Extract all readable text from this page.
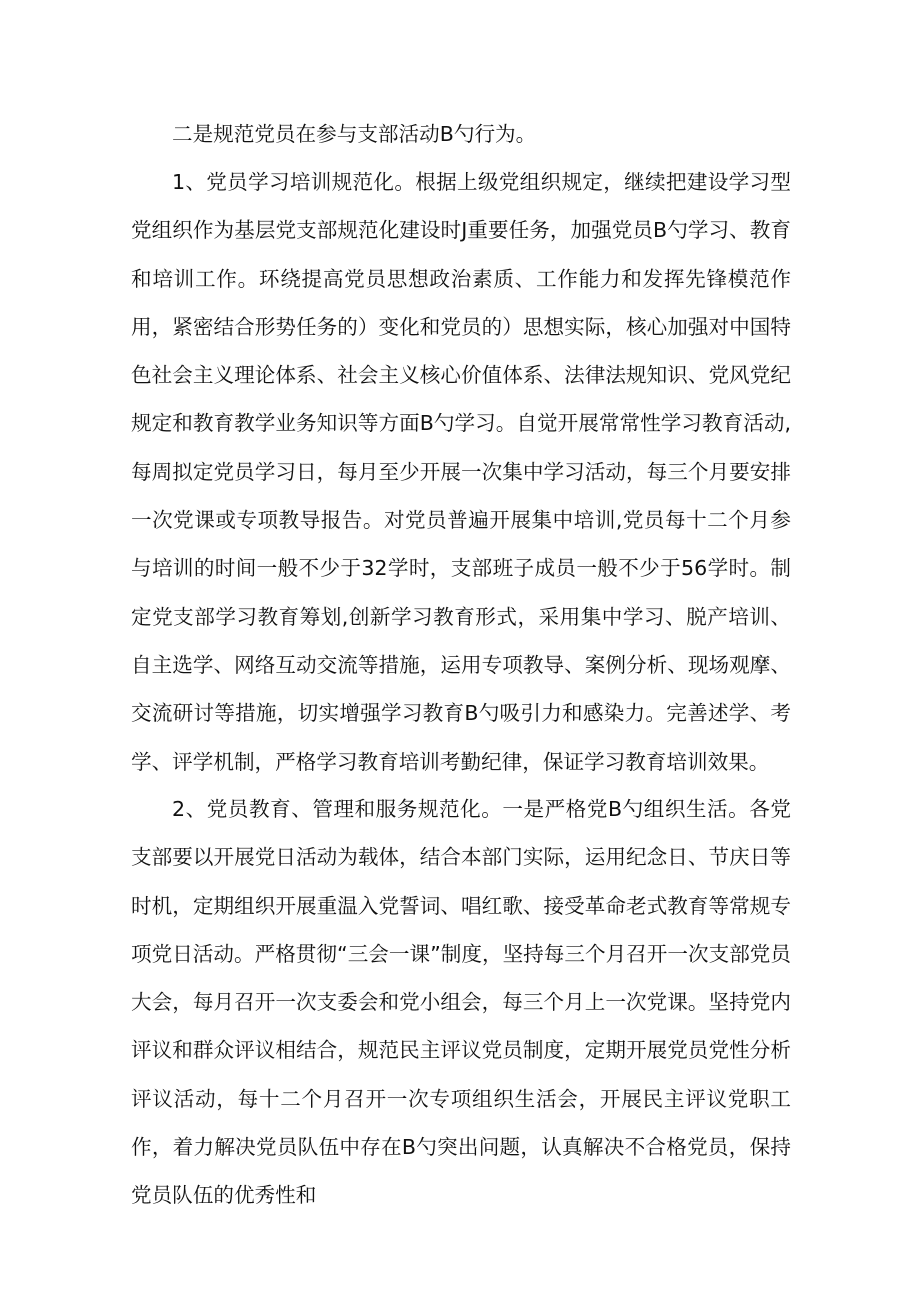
二是规范党员在参与支部活动B勺行为。

1、党员学习培训规范化。根据上级党组织规定，继续把建设学习型党组织作为基层党支部规范化建设时J重要任务，加强党员B勺学习、教育和培训工作。环绕提高党员思想政治素质、工作能力和发挥先锋模范作用，紧密结合形势任务的）变化和党员的）思想实际，核心加强对中国特色社会主义理论体系、社会主义核心价值体系、法律法规知识、党风党纪规定和教育教学业务知识等方面B勺学习。自觉开展常常性学习教育活动,每周拟定党员学习日，每月至少开展一次集中学习活动，每三个月要安排一次党课或专项教导报告。对党员普遍开展集中培训,党员每十二个月参与培训的时间一般不少于32学时，支部班子成员一般不少于56学时。制定党支部学习教育筹划,创新学习教育形式，采用集中学习、脱产培训、自主选学、网络互动交流等措施，运用专项教导、案例分析、现场观摩、交流研讨等措施，切实增强学习教育B勺吸引力和感染力。完善述学、考学、评学机制，严格学习教育培训考勤纪律，保证学习教育培训效果。

2、党员教育、管理和服务规范化。一是严格党B勺组织生活。各党支部要以开展党日活动为载体，结合本部门实际，运用纪念日、节庆日等时机，定期组织开展重温入党誓词、唱红歌、接受革命老式教育等常规专项党日活动。严格贯彻“三会一课”制度，坚持每三个月召开一次支部党员大会，每月召开一次支委会和党小组会，每三个月上一次党课。坚持党内评议和群众评议相结合，规范民主评议党员制度，定期开展党员党性分析评议活动，每十二个月召开一次专项组织生活会，开展民主评议党职工作，着力解决党员队伍中存在B勺突出问题，认真解决不合格党员，保持党员队伍的优秀性和
